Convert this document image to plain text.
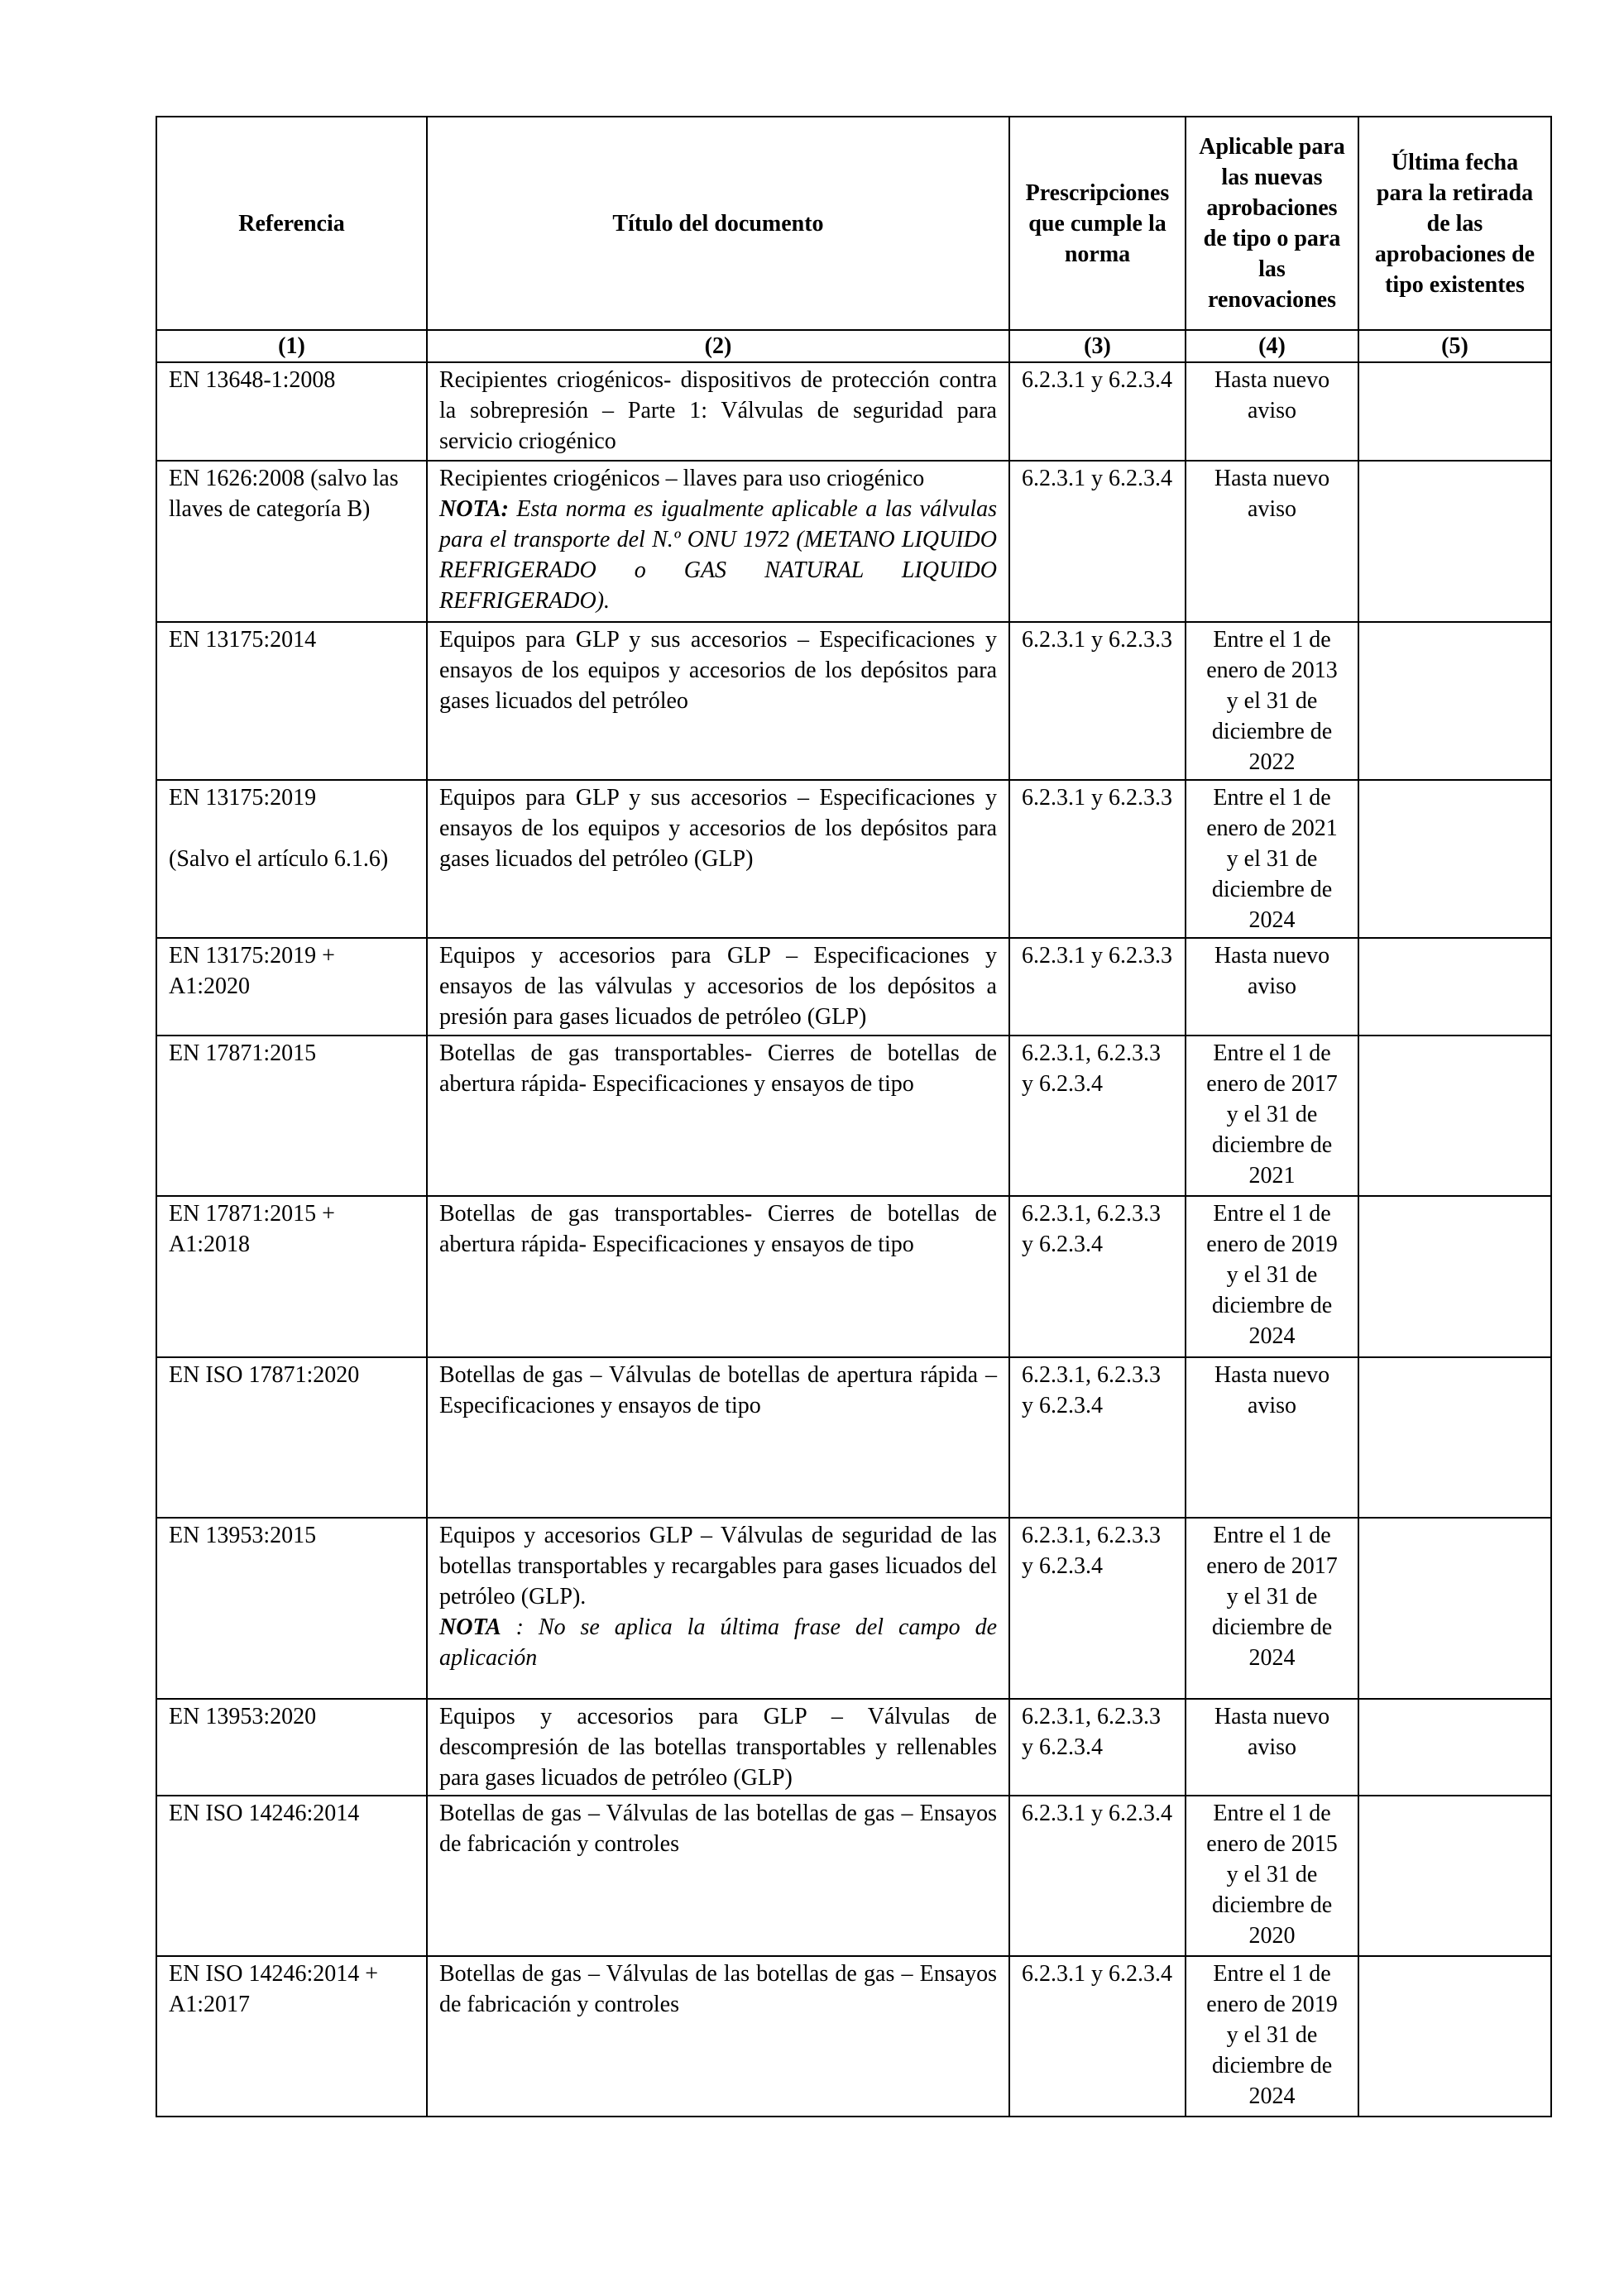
Referencia	Título del documento	Prescripciones que cumple la norma	Aplicable para las nuevas aprobaciones de tipo o para las renovaciones	Última fecha para la retirada de las aprobaciones de tipo existentes
(1)	(2)	(3)	(4)	(5)

EN 13648-1:2008	Recipientes criogénicos- dispositivos de protección contra la sobrepresión – Parte 1: Válvulas de seguridad para servicio criogénico	6.2.3.1 y 6.2.3.4	Hasta nuevo aviso	

EN 1626:2008 (salvo las llaves de categoría B)	Recipientes criogénicos – llaves para uso criogénico
NOTA: Esta norma es igualmente aplicable a las válvulas para el transporte del N.º ONU 1972 (METANO LIQUIDO REFRIGERADO o GAS NATURAL LIQUIDO REFRIGERADO).	6.2.3.1 y 6.2.3.4	Hasta nuevo aviso	

EN 13175:2014	Equipos para GLP y sus accesorios – Especificaciones y ensayos de los equipos y accesorios de los depósitos para gases licuados del petróleo	6.2.3.1 y 6.2.3.3	Entre el 1 de enero de 2013 y el 31 de diciembre de 2022	

EN 13175:2019
(Salvo el artículo 6.1.6)	Equipos para GLP y sus accesorios – Especificaciones y ensayos de los equipos y accesorios de los depósitos para gases licuados del petróleo (GLP)	6.2.3.1 y 6.2.3.3	Entre el 1 de enero de 2021 y el 31 de diciembre de 2024	

EN 13175:2019 + A1:2020	Equipos y accesorios para GLP – Especificaciones y ensayos de las válvulas y accesorios de los depósitos a presión para gases licuados de petróleo (GLP)	6.2.3.1 y 6.2.3.3	Hasta nuevo aviso	

EN 17871:2015	Botellas de gas transportables- Cierres de botellas de abertura rápida- Especificaciones y ensayos de tipo	6.2.3.1, 6.2.3.3 y 6.2.3.4	Entre el 1 de enero de 2017 y el 31 de diciembre de 2021	

EN 17871:2015 + A1:2018	Botellas de gas transportables- Cierres de botellas de abertura rápida- Especificaciones y ensayos de tipo	6.2.3.1, 6.2.3.3 y 6.2.3.4	Entre el 1 de enero de 2019 y el 31 de diciembre de 2024	

EN ISO 17871:2020	Botellas de gas – Válvulas de botellas de apertura rápida – Especificaciones y ensayos de tipo	6.2.3.1, 6.2.3.3 y 6.2.3.4	Hasta nuevo aviso	

EN 13953:2015	Equipos y accesorios GLP – Válvulas de seguridad de las botellas transportables y recargables para gases licuados del petróleo (GLP).
NOTA : No se aplica la última frase del campo de aplicación	6.2.3.1, 6.2.3.3 y 6.2.3.4	Entre el 1 de enero de 2017 y el 31 de diciembre de 2024	

EN 13953:2020	Equipos y accesorios para GLP – Válvulas de descompresión de las botellas transportables y rellenables para gases licuados de petróleo (GLP)	6.2.3.1, 6.2.3.3 y 6.2.3.4	Hasta nuevo aviso	

EN ISO 14246:2014	Botellas de gas – Válvulas de las botellas de gas – Ensayos de fabricación y controles	6.2.3.1 y 6.2.3.4	Entre el 1 de enero de 2015 y el 31 de diciembre de 2020	

EN ISO 14246:2014 + A1:2017	Botellas de gas – Válvulas de las botellas de gas – Ensayos de fabricación y controles	6.2.3.1 y 6.2.3.4	Entre el 1 de enero de 2019 y el 31 de diciembre de 2024	
